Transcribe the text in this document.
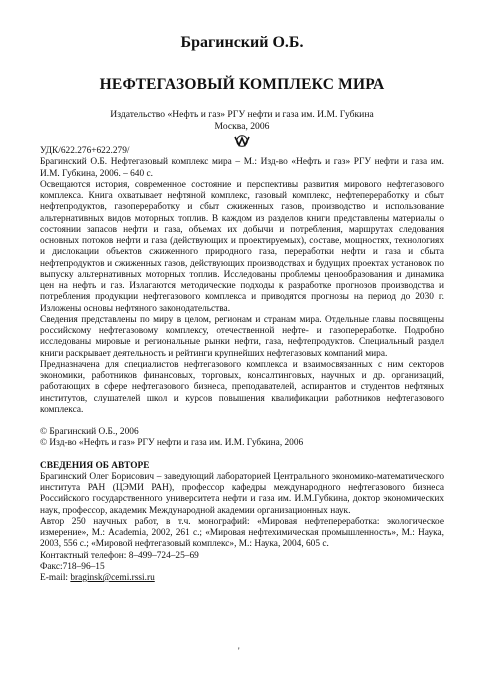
Брагинский О.Б.
НЕФТЕГАЗОВЫЙ КОМПЛЕКС МИРА
Издательство «Нефть и газ» РГУ нефти и газа им. И.М. Губкина
Москва, 2006

УДК/622.276+622.279/

Брагинский О.Б. Нефтегазовый комплекс мира – М.: Изд-во «Нефть и газ» РГУ нефти и газа им. И.М. Губкина, 2006. – 640 с.

Освещаются история, современное состояние и перспективы развития мирового нефтегазового комплекса. Книга охватывает нефтяной комплекс, газовый комплекс, нефтепереработку и сбыт нефтепродуктов, газопереработку и сбыт сжиженных газов, производство и использование альтернативных видов моторных топлив. В каждом из разделов книги представлены материалы о состоянии запасов нефти и газа, объемах их добычи и потребления, маршрутах следования основных потоков нефти и газа (действующих и проектируемых), составе, мощностях, технологиях и дислокации объектов сжиженного природного газа, переработки нефти и газа и сбыта нефтепродуктов и сжиженных газов, действующих производствах и будущих проектах установок по выпуску альтернативных моторных топлив. Исследованы проблемы ценообразования и динамика цен на нефть и газ. Излагаются методические подходы к разработке прогнозов производства и потребления продукции нефтегазового комплекса и приводятся прогнозы на период до 2030 г. Изложены основы нефтяного законодательства.

Сведения представлены по миру в целом, регионам и странам мира. Отдельные главы посвящены российскому нефтегазовому комплексу, отечественной нефте- и газопереработке. Подробно исследованы мировые и региональные рынки нефти, газа, нефтепродуктов. Специальный раздел книги раскрывает деятельность и рейтинги крупнейших нефтегазовых компаний мира.

Предназначена для специалистов нефтегазового комплекса и взаимосвязанных с ним секторов экономики, работников финансовых, торговых, консалтинговых, научных и др. организаций, работающих в сфере нефтегазового бизнеса, преподавателей, аспирантов и студентов нефтяных институтов, слушателей школ и курсов повышения квалификации работников нефтегазового комплекса.

© Брагинский О.Б., 2006

© Изд-во «Нефть и газ» РГУ нефти и газа им. И.М. Губкина, 2006

СВЕДЕНИЯ ОБ АВТОРЕ

Брагинский Олег Борисович – заведующий лабораторией Центрального экономико-математического института РАН (ЦЭМИ РАН), профессор кафедры международного нефтегазового бизнеса Российского государственного университета нефти и газа им. И.М.Губкина, доктор экономических наук, профессор, академик Международной академии организационных наук.

Автор 250 научных работ, в т.ч. монографий: «Мировая нефтепереработка: экологическое измерение», М.: Academia, 2002, 261 с.; «Мировая нефтехимическая промышленность», М.: Наука, 2003, 556 с.; «Мировой нефтегазовый комплекс», М.: Наука, 2004, 605 с.

Контактный телефон: 8–499–724–25–69

Факс:718–96–15

E-mail: braginsk@cemi.rssi.ru

'
